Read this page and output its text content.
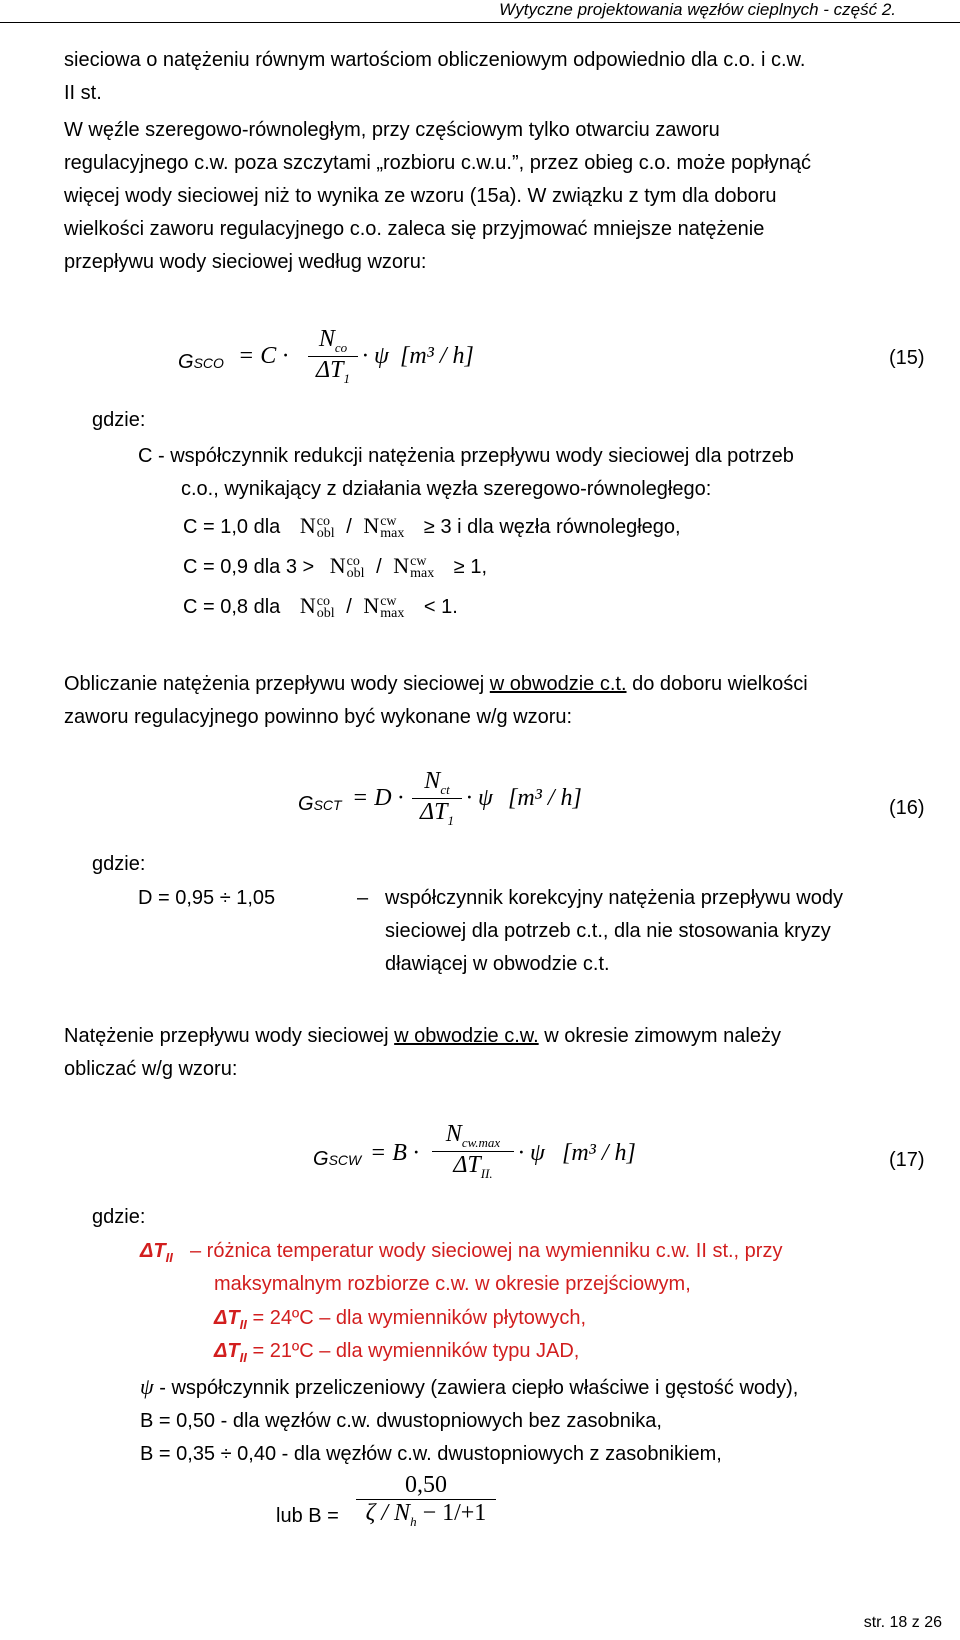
Wytyczne projektowania węzłów cieplnych - część 2.
sieciowa o natężeniu równym wartościom obliczeniowym odpowiednio dla c.o. i c.w.
II st.
W węźle szeregowo-równoległym, przy częściowym tylko otwarciu zaworu
regulacyjnego c.w. poza szczytami „rozbioru c.w.u.”, przez obieg c.o. może popłynąć
więcej wody sieciowej niż to wynika ze wzoru (15a). W związku z tym dla doboru
wielkości zaworu regulacyjnego c.o. zaleca się przyjmować mniejsze natężenie
przepływu wody sieciowej według wzoru:
GSCO = C ·
$N_{co}$
$\Delta T_1$
· ψ [m³ / h]	(15)
gdzie:
C - współczynnik redukcji natężenia przepływu wody sieciowej dla potrzeb
c.o., wynikający z działania węzła szeregowo-równoległego:
C = 1,0 dla Nco
obl / Ncw
max ≥ 3 i dla węzła równoległego,
C = 0,9 dla 3 > Nco
obl / Ncw
max ≥ 1,
C = 0,8 dla Nco
obl / Ncw
max < 1.
Obliczanie natężenia przepływu wody sieciowej w obwodzie c.t. do doboru wielkości
zaworu regulacyjnego powinno być wykonane w/g wzoru:
GSCT = D ·
$N_{ct}$
$\Delta T_1$
· ψ [m³ / h]	(16)
gdzie:
D = 0,95 ÷ 1,05	– współczynnik korekcyjny natężenia przepływu wody
sieciowej dla potrzeb c.t., dla nie stosowania kryzy
dławiącej w obwodzie c.t.
Natężenie przepływu wody sieciowej w obwodzie c.w. w okresie zimowym należy
obliczać w/g wzoru:
GSCW = B ·
$N_{cw.max}$
$\Delta T_{II.}$
· ψ [m³ / h]	(17)
gdzie:
$\Delta T_{II}$ – różnica temperatur wody sieciowej na wymienniku c.w. II st., przy
maksymalnym rozbiorze c.w. w okresie przejściowym,
$\Delta T_{II}$ = 24ºC – dla wymienników płytowych,
$\Delta T_{II}$ = 21ºC – dla wymienników typu JAD,
ψ - współczynnik przeliczeniowy (zawiera ciepło właściwe i gęstość wody),
B = 0,50 - dla węzłów c.w. dwustopniowych bez zasobnika,
B = 0,35 ÷ 0,40 - dla węzłów c.w. dwustopniowych z zasobnikiem,
lub B =
0,50
$\zeta / N_h - 1/+1$
str. 18 z 26
